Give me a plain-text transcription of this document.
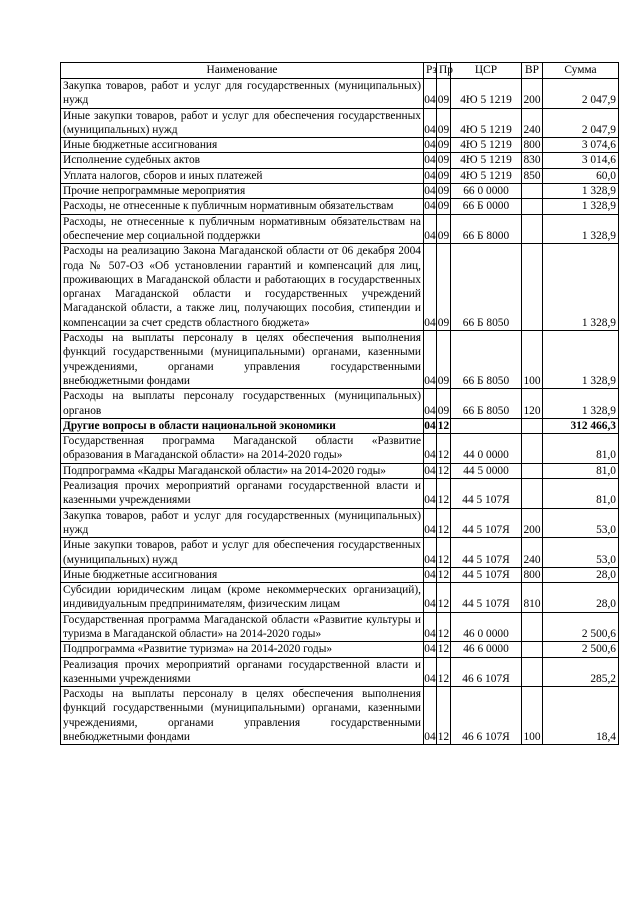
Наименование	Рз	Пр	ЦСР	ВР	Сумма
Закупка товаров, работ и услуг для государственных (муниципальных) нужд	04	09	4Ю 5 1219	200	2 047,9
Иные закупки товаров, работ и услуг для обеспечения государственных (муниципальных) нужд	04	09	4Ю 5 1219	240	2 047,9
Иные бюджетные ассигнования	04	09	4Ю 5 1219	800	3 074,6
Исполнение судебных актов	04	09	4Ю 5 1219	830	3 014,6
Уплата налогов, сборов и иных платежей	04	09	4Ю 5 1219	850	60,0
Прочие непрограммные мероприятия	04	09	66 0 0000		1 328,9
Расходы, не отнесенные к публичным нормативным обязательствам	04	09	66 Б 0000		1 328,9
Расходы, не отнесенные к публичным нормативным обязательствам на обеспечение мер социальной поддержки	04	09	66 Б 8000		1 328,9
Расходы на реализацию Закона Магаданской области от 06 декабря 2004 года № 507-ОЗ «Об установлении гарантий и компенсаций для лиц, проживающих в Магаданской области и работающих в государственных органах Магаданской области и государственных учреждений Магаданской области, а также лиц, получающих пособия, стипендии и компенсации за счет средств областного бюджета»	04	09	66 Б 8050		1 328,9
Расходы на выплаты персоналу в целях обеспечения выполнения функций государственными (муниципальными) органами, казенными учреждениями, органами управления государственными внебюджетными фондами	04	09	66 Б 8050	100	1 328,9
Расходы на выплаты персоналу государственных (муниципальных) органов	04	09	66 Б 8050	120	1 328,9
Другие вопросы в области национальной экономики	04	12			312 466,3
Государственная программа Магаданской области «Развитие образования в Магаданской области» на 2014-2020 годы»	04	12	44 0 0000		81,0
Подпрограмма «Кадры Магаданской области» на 2014-2020 годы»	04	12	44 5 0000		81,0
Реализация прочих мероприятий органами государственной власти и казенными учреждениями	04	12	44 5 107Я		81,0
Закупка товаров, работ и услуг для государственных (муниципальных) нужд	04	12	44 5 107Я	200	53,0
Иные закупки товаров, работ и услуг для обеспечения государственных (муниципальных) нужд	04	12	44 5 107Я	240	53,0
Иные бюджетные ассигнования	04	12	44 5 107Я	800	28,0
Субсидии юридическим лицам (кроме некоммерческих организаций), индивидуальным предпринимателям, физическим лицам	04	12	44 5 107Я	810	28,0
Государственная программа Магаданской области «Развитие культуры и туризма в Магаданской области» на 2014-2020 годы»	04	12	46 0 0000		2 500,6
Подпрограмма «Развитие туризма» на 2014-2020 годы»	04	12	46 6 0000		2 500,6
Реализация прочих мероприятий органами государственной власти и казенными учреждениями	04	12	46 6 107Я		285,2
Расходы на выплаты персоналу в целях обеспечения выполнения функций государственными (муниципальными) органами, казенными учреждениями, органами управления государственными внебюджетными фондами	04	12	46 6 107Я	100	18,4
